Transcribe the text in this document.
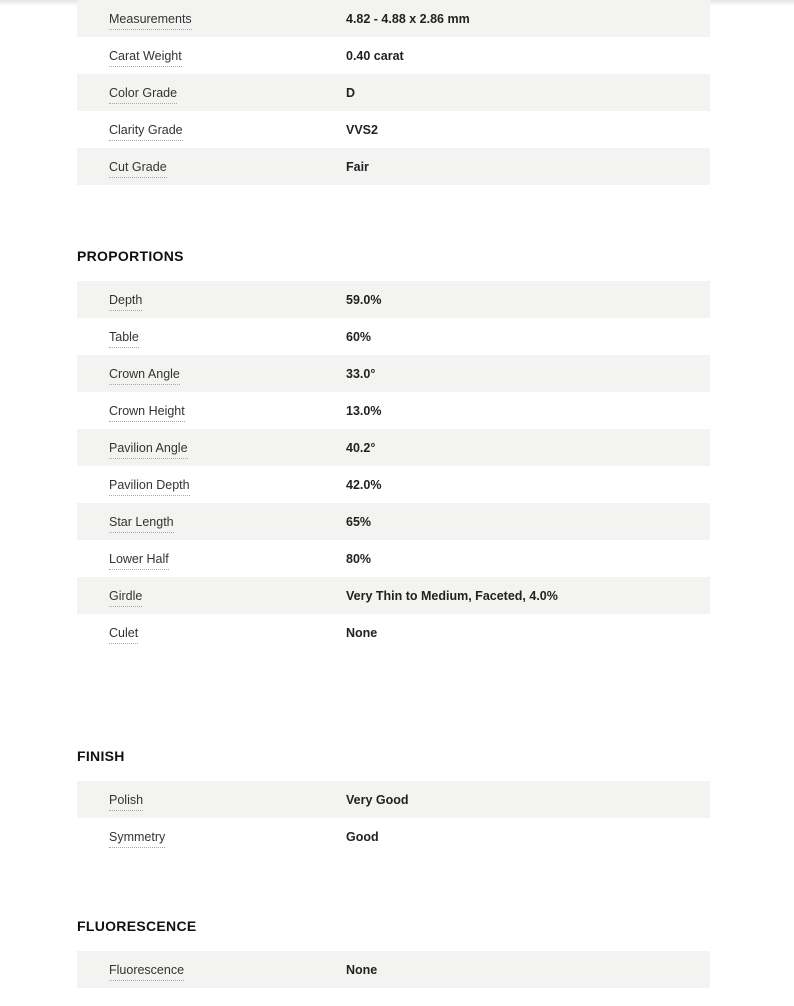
Measurements	4.82 - 4.88 x 2.86 mm
Carat Weight	0.40 carat
Color Grade	D
Clarity Grade	VVS2
Cut Grade	Fair
PROPORTIONS
Depth	59.0%
Table	60%
Crown Angle	33.0°
Crown Height	13.0%
Pavilion Angle	40.2°
Pavilion Depth	42.0%
Star Length	65%
Lower Half	80%
Girdle	Very Thin to Medium, Faceted, 4.0%
Culet	None
FINISH
Polish	Very Good
Symmetry	Good
FLUORESCENCE
Fluorescence	None
